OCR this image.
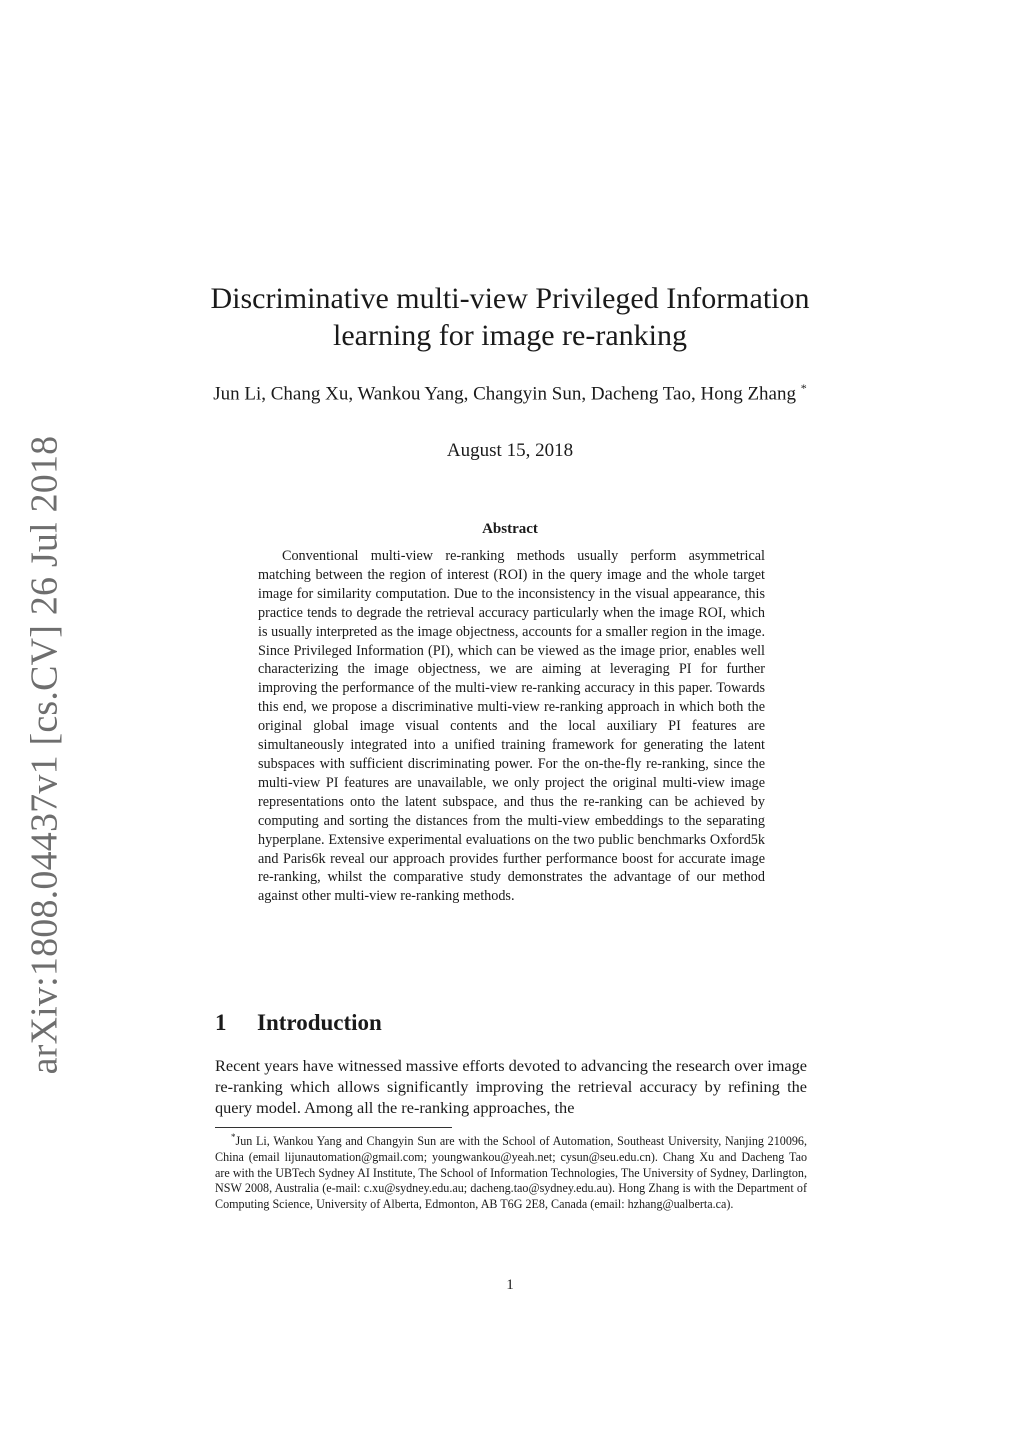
arXiv:1808.04437v1 [cs.CV] 26 Jul 2018
Discriminative multi-view Privileged Information learning for image re-ranking
Jun Li, Chang Xu, Wankou Yang, Changyin Sun, Dacheng Tao, Hong Zhang *
August 15, 2018
Abstract

Conventional multi-view re-ranking methods usually perform asymmetrical matching between the region of interest (ROI) in the query image and the whole target image for similarity computation. Due to the inconsistency in the visual appearance, this practice tends to degrade the retrieval accuracy particularly when the image ROI, which is usually interpreted as the image objectness, accounts for a smaller region in the image. Since Privileged Information (PI), which can be viewed as the image prior, enables well characterizing the image objectness, we are aiming at leveraging PI for further improving the performance of the multi-view re-ranking accuracy in this paper. Towards this end, we propose a discriminative multi-view re-ranking approach in which both the original global image visual contents and the local auxiliary PI features are simultaneously integrated into a unified training framework for generating the latent subspaces with sufficient discriminating power. For the on-the-fly re-ranking, since the multi-view PI features are unavailable, we only project the original multi-view image representations onto the latent subspace, and thus the re-ranking can be achieved by computing and sorting the distances from the multi-view embeddings to the separating hyperplane. Extensive experimental evaluations on the two public benchmarks Oxford5k and Paris6k reveal our approach provides further performance boost for accurate image re-ranking, whilst the comparative study demonstrates the advantage of our method against other multi-view re-ranking methods.

1 Introduction

Recent years have witnessed massive efforts devoted to advancing the research over image re-ranking which allows significantly improving the retrieval accuracy by refining the query model. Among all the re-ranking approaches, the

*Jun Li, Wankou Yang and Changyin Sun are with the School of Automation, Southeast University, Nanjing 210096, China (email lijunautomation@gmail.com; youngwankou@yeah.net; cysun@seu.edu.cn). Chang Xu and Dacheng Tao are with the UBTech Sydney AI Institute, The School of Information Technologies, The University of Sydney, Darlington, NSW 2008, Australia (e-mail: c.xu@sydney.edu.au; dacheng.tao@sydney.edu.au). Hong Zhang is with the Department of Computing Science, University of Alberta, Edmonton, AB T6G 2E8, Canada (email: hzhang@ualberta.ca).

1
